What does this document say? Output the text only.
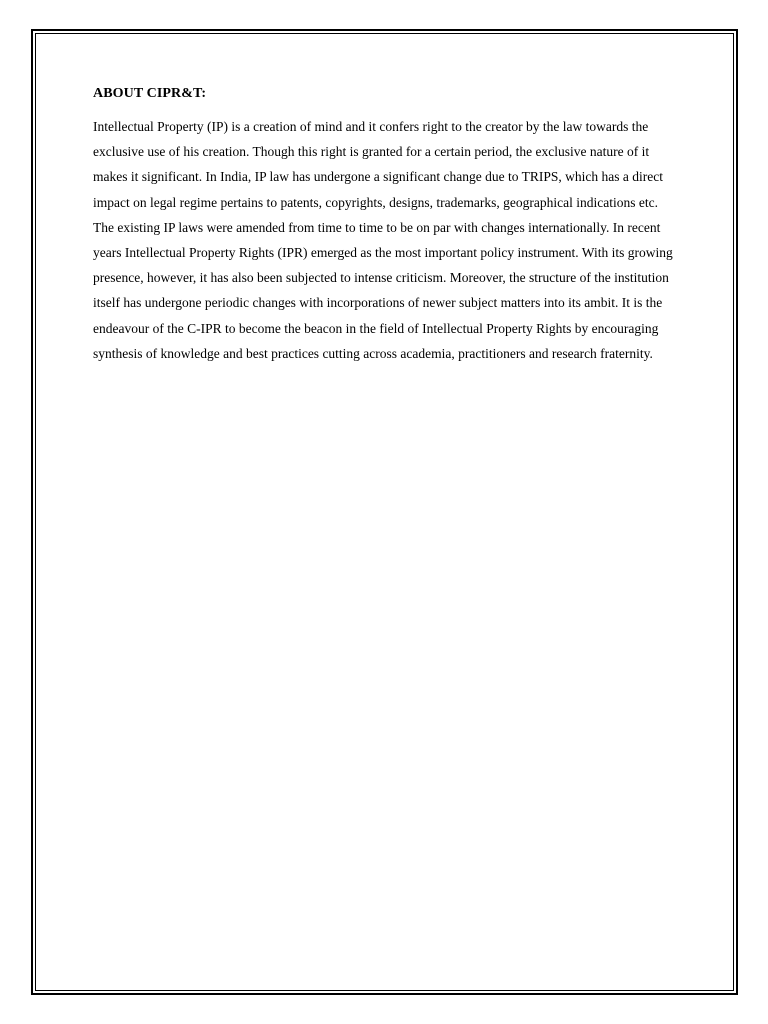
ABOUT CIPR&T:

Intellectual Property (IP) is a creation of mind and it confers right to the creator by the law towards the exclusive use of his creation. Though this right is granted for a certain period, the exclusive nature of it makes it significant. In India, IP law has undergone a significant change due to TRIPS, which has a direct impact on legal regime pertains to patents, copyrights, designs, trademarks, geographical indications etc. The existing IP laws were amended from time to time to be on par with changes internationally. In recent years Intellectual Property Rights (IPR) emerged as the most important policy instrument. With its growing presence, however, it has also been subjected to intense criticism. Moreover, the structure of the institution itself has undergone periodic changes with incorporations of newer subject matters into its ambit. It is the endeavour of the C-IPR to become the beacon in the field of Intellectual Property Rights by encouraging synthesis of knowledge and best practices cutting across academia, practitioners and research fraternity.
